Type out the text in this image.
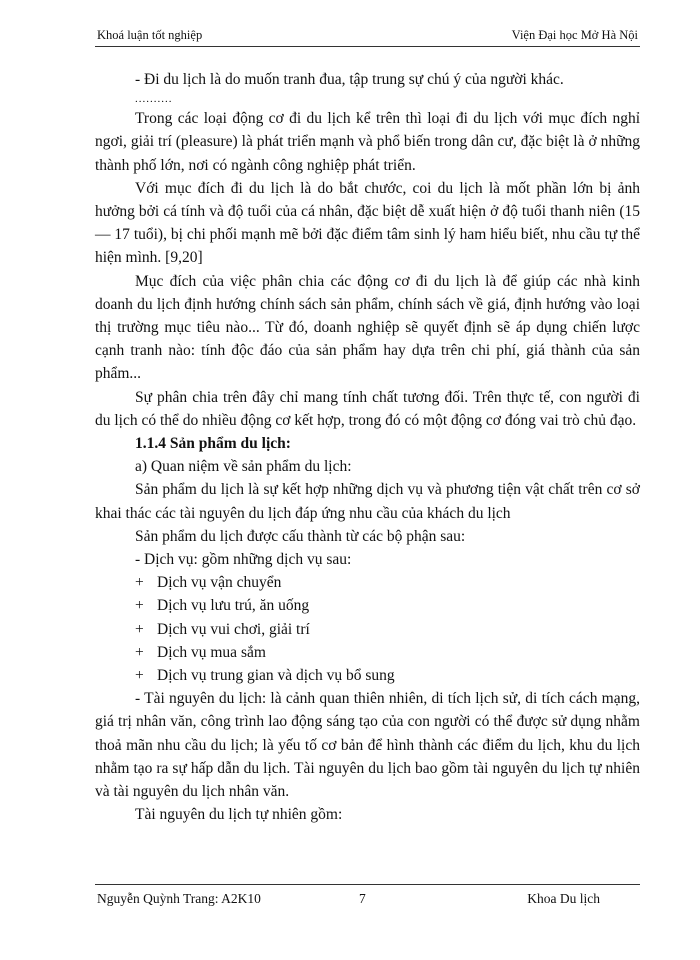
Khoá luận tốt nghiệp	Viện Đại học Mở Hà Nội

- Đi du lịch là do muốn tranh đua, tập trung sự chú ý của người khác.

..........

Trong các loại động cơ đi du lịch kể trên thì loại đi du lịch với mục đích nghỉ ngơi, giải trí (pleasure) là phát triển mạnh và phổ biến trong dân cư, đặc biệt là ở những thành phố lớn, nơi có ngành công nghiệp phát triển.

Với mục đích đi du lịch là do bắt chước, coi du lịch là mốt phần lớn bị ảnh hưởng bởi cá tính và độ tuổi của cá nhân, đặc biệt dễ xuất hiện ở độ tuổi thanh niên (15 — 17 tuổi), bị chi phối mạnh mẽ bởi đặc điểm tâm sinh lý ham hiểu biết, nhu cầu tự thể hiện mình. [9,20]

Mục đích của việc phân chia các động cơ đi du lịch là để giúp các nhà kinh doanh du lịch định hướng chính sách sản phẩm, chính sách về giá, định hướng vào loại thị trường mục tiêu nào... Từ đó, doanh nghiệp sẽ quyết định sẽ áp dụng chiến lược cạnh tranh nào: tính độc đáo của sản phẩm hay dựa trên chi phí, giá thành của sản phẩm...

Sự phân chia trên đây chỉ mang tính chất tương đối. Trên thực tế, con người đi du lịch có thể do nhiều động cơ kết hợp, trong đó có một động cơ đóng vai trò chủ đạo.

1.1.4 Sản phẩm du lịch:

a) Quan niệm về sản phẩm du lịch:

Sản phẩm du lịch là sự kết hợp những dịch vụ và phương tiện vật chất trên cơ sở khai thác các tài nguyên du lịch đáp ứng nhu cầu của khách du lịch

Sản phẩm du lịch được cấu thành từ các bộ phận sau:

- Dịch vụ: gồm những dịch vụ sau:

+ Dịch vụ vận chuyển
+ Dịch vụ lưu trú, ăn uống
+ Dịch vụ vui chơi, giải trí
+ Dịch vụ mua sắm
+ Dịch vụ trung gian và dịch vụ bổ sung

- Tài nguyên du lịch: là cảnh quan thiên nhiên, di tích lịch sử, di tích cách mạng, giá trị nhân văn, công trình lao động sáng tạo của con người có thể được sử dụng nhằm thoả mãn nhu cầu du lịch; là yếu tố cơ bản để hình thành các điểm du lịch, khu du lịch nhằm tạo ra sự hấp dẫn du lịch. Tài nguyên du lịch bao gồm tài nguyên du lịch tự nhiên và tài nguyên du lịch nhân văn.

Tài nguyên du lịch tự nhiên gồm:

Nguyễn Quỳnh Trang: A2K10	7	Khoa Du lịch
